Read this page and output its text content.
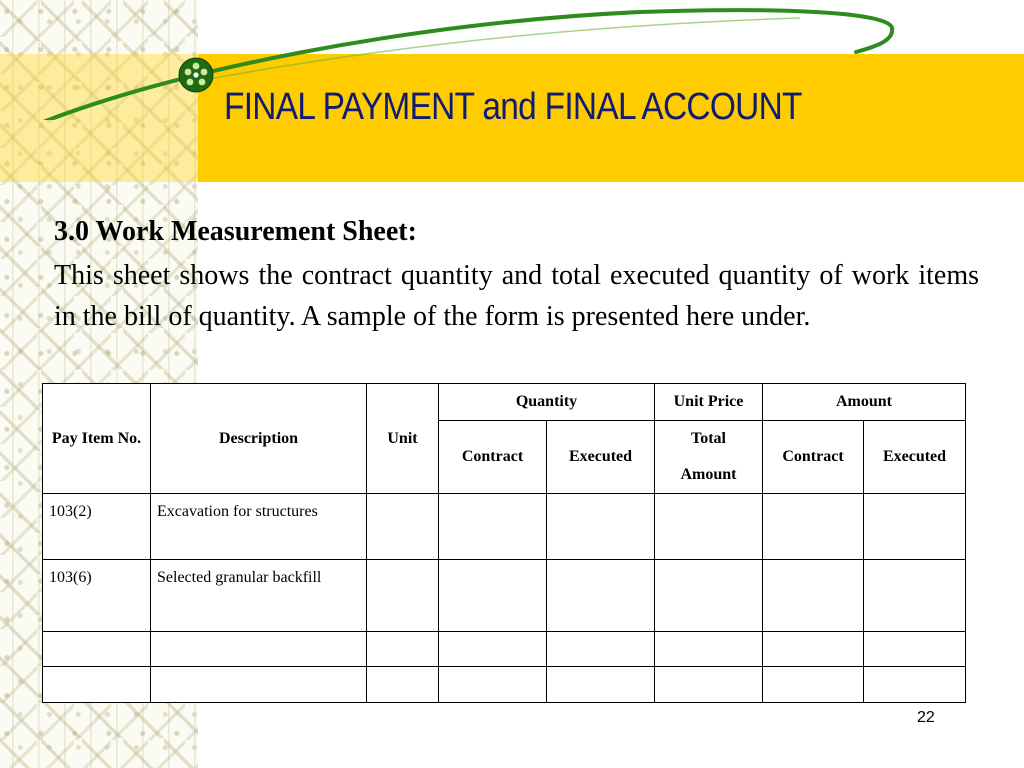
FINAL PAYMENT and FINAL ACCOUNT
3.0 Work Measurement Sheet:

This sheet shows the contract quantity and total executed quantity of work items in the bill of quantity. A sample of the form is presented here under.

Pay Item No.	Description	Unit	Quantity		Unit Price	Amount	
			Contract	Executed	Total Amount	Contract	Executed
103(2)	Excavation for structures						

103(6)	Selected granular backfill						

22
